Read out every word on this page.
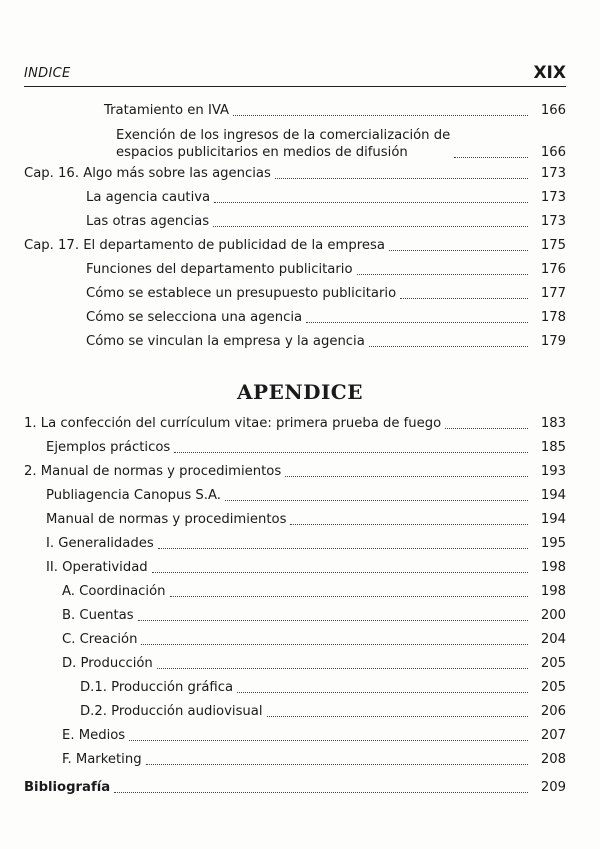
INDICE	XIX
Tratamiento en IVA	166
Exención de los ingresos de la comercialización de
espacios publicitarios en medios de difusión	166
Cap. 16. Algo más sobre las agencias	173
La agencia cautiva	173
Las otras agencias	173
Cap. 17. El departamento de publicidad de la empresa	175
Funciones del departamento publicitario	176
Cómo se establece un presupuesto publicitario	177
Cómo se selecciona una agencia	178
Cómo se vinculan la empresa y la agencia	179
APENDICE
1. La confección del currículum vitae: primera prueba de fuego	183
Ejemplos prácticos	185
2. Manual de normas y procedimientos	193
Publiagencia Canopus S.A.	194
Manual de normas y procedimientos	194
I. Generalidades	195
II. Operatividad	198
A. Coordinación	198
B. Cuentas	200
C. Creación	204
D. Producción	205
D.1. Producción gráfica	205
D.2. Producción audiovisual	206
E. Medios	207
F. Marketing	208
Bibliografía	209
